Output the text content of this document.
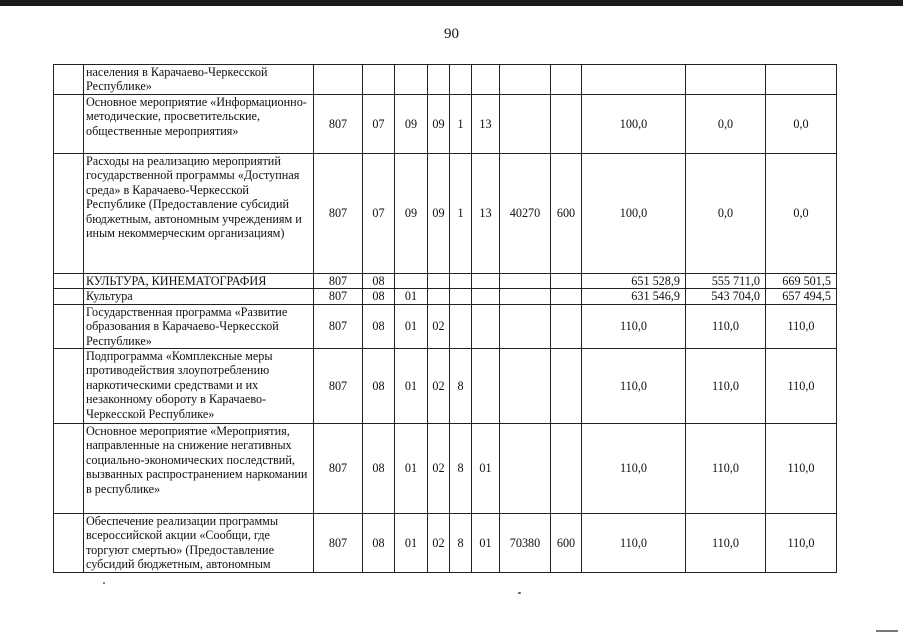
90
	населения в Карачаево-Черкесской Республике»											
	Основное мероприятие «Информационно-методические, просветительские, общественные мероприятия»	807	07	09	09	1	13			100,0	0,0	0,0
	Расходы на реализацию мероприятий государственной программы «Доступная среда» в Карачаево-Черкесской Республике (Предоставление субсидий бюджетным, автономным учреждениям и иным некоммерческим организациям)	807	07	09	09	1	13	40270	600	100,0	0,0	0,0
	КУЛЬТУРА, КИНЕМАТОГРАФИЯ	807	08							651 528,9	555 711,0	669 501,5
	Культура	807	08	01						631 546,9	543 704,0	657 494,5
	Государственная программа «Развитие образования в Карачаево-Черкесской Республике»	807	08	01	02					110,0	110,0	110,0
	Подпрограмма «Комплексные меры противодействия злоупотреблению наркотическими средствами и их незаконному обороту в Карачаево-Черкесской Республике»	807	08	01	02	8				110,0	110,0	110,0
	Основное мероприятие «Мероприятия, направленные на снижение негативных социально-экономических последствий, вызванных распространением наркомании в республике»	807	08	01	02	8	01			110,0	110,0	110,0
	Обеспечение реализации программы всероссийской акции «Сообщи, где торгуют смертью» (Предоставление субсидий бюджетным, автономным	807	08	01	02	8	01	70380	600	110,0	110,0	110,0
